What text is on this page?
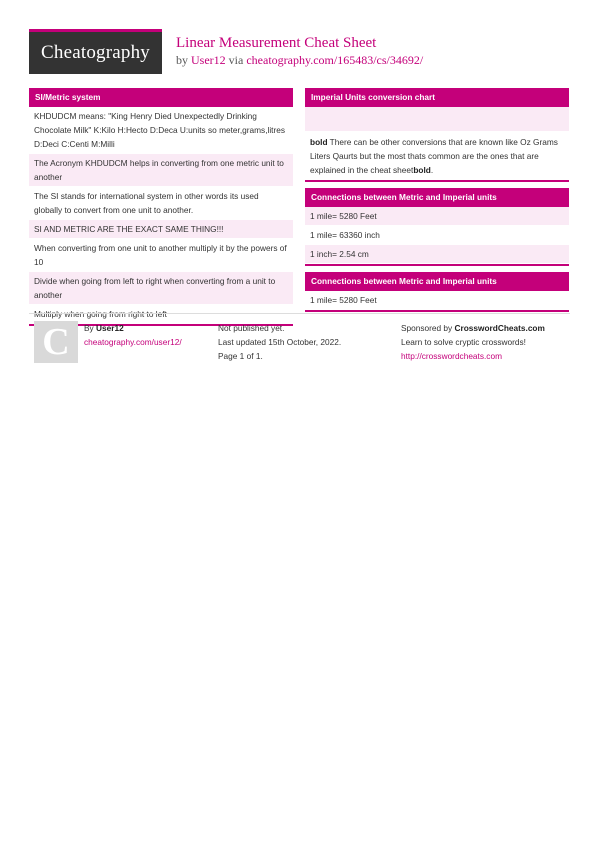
Cheatography Linear Measurement Cheat Sheet
by User12 via cheatography.com/165483/cs/34692/
SI/Metric system
KHDUDCM means: "King Henry Died Unexpectedly Drinking Chocolate Milk" K:Kilo H:Hecto D:Deca U:units so meter,grams,litres D:Deci C:Centi M:Milli
The Acronym KHDUDCM helps in converting from one metric unit to another
The SI stands for international system in other words its used globally to convert from one unit to another.
SI AND METRIC ARE THE EXACT SAME THING!!!
When converting from one unit to another multiply it by the powers of 10
Divide when going from left to right when converting from a unit to another
Multiply when going from right to left
Imperial Units conversion chart
bold There can be other conversions that are known like Oz Grams Liters Qaurts but the most thats common are the ones that are explained in the cheat sheetbold.
Connections between Metric and Imperial units
1 mile= 5280 Feet
1 mile= 63360 inch
1 inch= 2.54 cm
Connections between Metric and Imperial units
1 mile= 5280 Feet
C By User12
cheatography.com/user12/
Not published yet.
Last updated 15th October, 2022.
Page 1 of 1.
Sponsored by CrosswordCheats.com
Learn to solve cryptic crosswords!
http://crosswordcheats.com
